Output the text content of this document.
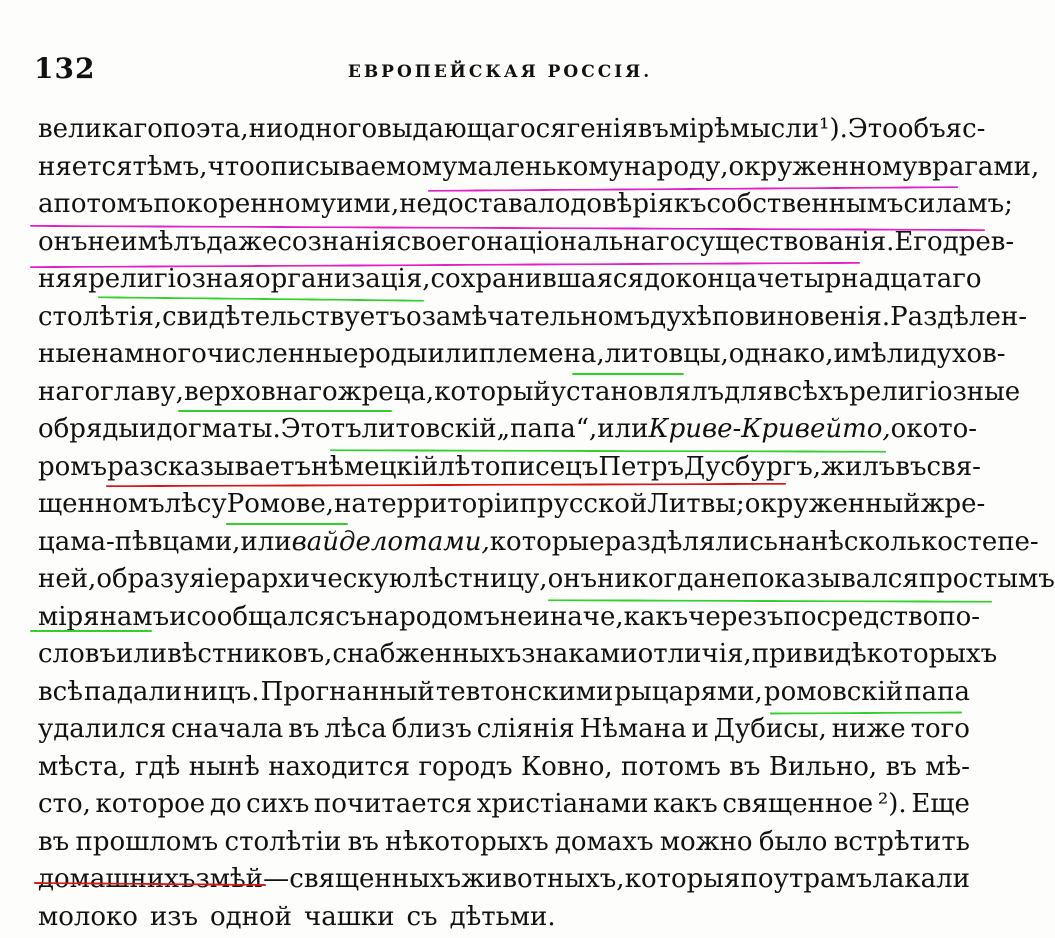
132	ЕВРОПЕЙСКАЯ РОССІЯ.
великаго поэта, ни одного выдающагося генія въ мірѣ мысли ¹). Это объяс-
няется тѣмъ, что описываемому маленькому народу, окруженному врагами,
а потомъ покоренному ими, недоставало довѣрія къ собственнымъ силамъ;
онъ не имѣлъ даже сознанія своего національнаго существованія. Его древ-
няя религіозная организація, сохранившаяся до конца четырнадцатаго
столѣтія, свидѣтельствуетъ о замѣчательномъ духѣ повиновенія. Раздѣлен-
ные на многочисленные роды или племена, литовцы, однако, имѣли духов-
наго главу, верховнаго жреца, который установлялъ для всѣхъ религіозные
обряды и догматы. Этотъ литовскій „папа“, или Криве-Кривейто, о кото-
ромъ разсказываетъ нѣмецкій лѣтописецъ Петръ Дусбургъ, жилъ въ свя-
щенномъ лѣсу Ромове, на территоріи прусской Литвы; окруженный жре-
цама-пѣвцами, или вайделотами, которые раздѣлялись на нѣсколько степе-
ней, образуя іерархическую лѣстницу, онъ никогда не показывался простымъ
мірянамъ и сообщался съ народомъ не иначе, какъ черезъ посредство по-
словъ или вѣстниковъ, снабженныхъ знаками отличія, при видѣ которыхъ
всѣ падали ницъ. Прогнанный тевтонскими рыцарями, ромовскій папа
удалился сначала въ лѣса близъ сліянія Нѣмана и Дубисы, ниже того
мѣста, гдѣ нынѣ находится городъ Ковно, потомъ въ Вильно, въ мѣ-
сто, которое до сихъ почитается христіанами какъ священное ²). Еще
въ прошломъ столѣтіи въ нѣкоторыхъ домахъ можно было встрѣтить
домашнихъ змѣй — священныхъ животныхъ, которыя по утрамъ лакали
молоко изъ одной чашки съ дѣтьми.
